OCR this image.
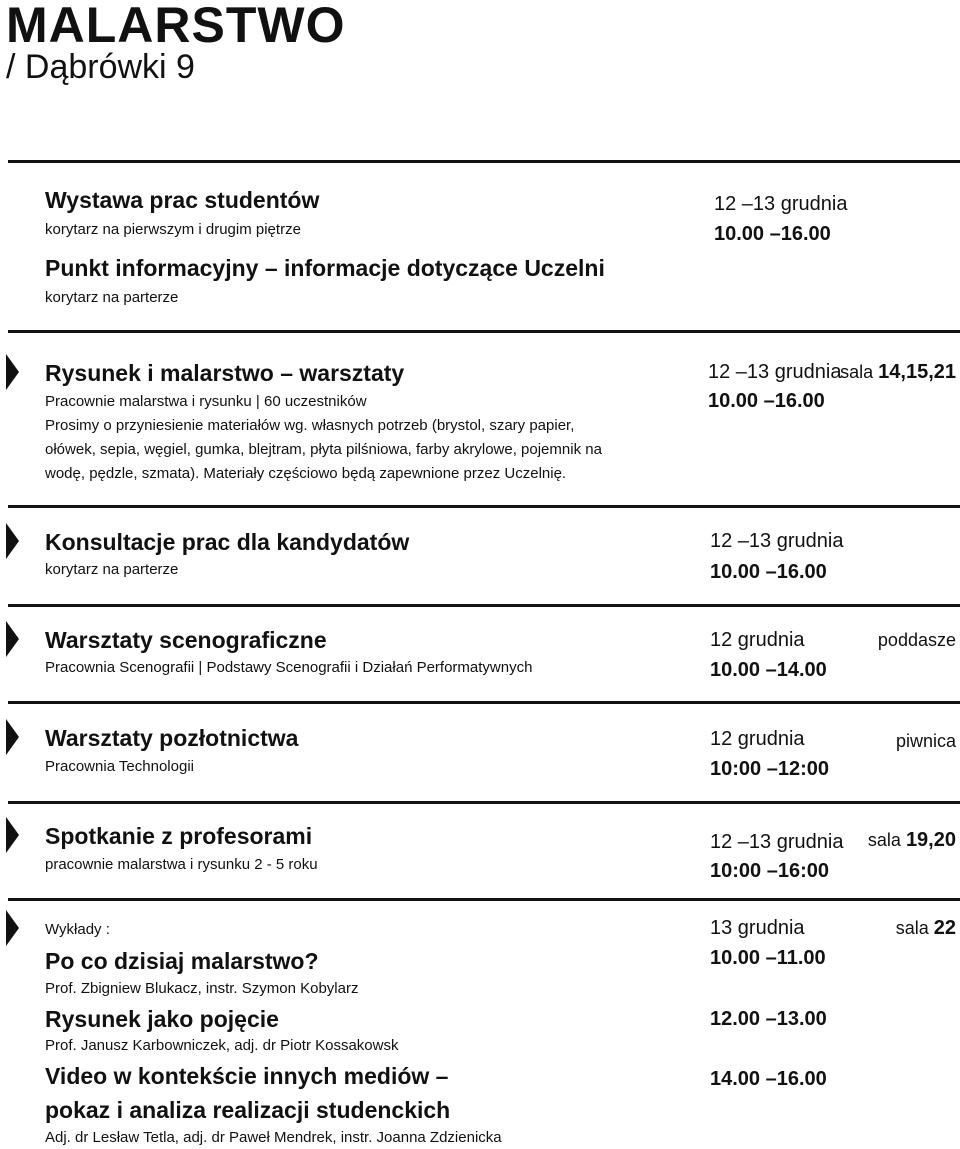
MALARSTWO
/ Dąbrówki 9
Wystawa prac studentów
korytarz na pierwszym i drugim piętrze
Punkt informacyjny – informacje dotyczące Uczelni
korytarz na parterze
12 –13 grudnia
10.00 –16.00
Rysunek i malarstwo – warsztaty
Pracownie malarstwa i rysunku | 60 uczestników
Prosimy o przyniesienie materiałów wg. własnych potrzeb (brystol, szary papier,
ołówek, sepia, węgiel, gumka, blejtram, płyta pilśniowa, farby akrylowe, pojemnik na
wodę, pędzle, szmata). Materiały częściowo będą zapewnione przez Uczelnię.
12 –13 grudnia
10.00 –16.00
sala 14,15,21
Konsultacje prac dla kandydatów
korytarz na parterze
12 –13 grudnia
10.00 –16.00
Warsztaty scenograficzne
Pracownia Scenografii | Podstawy Scenografii i Działań Performatywnych
12 grudnia
10.00 –14.00
poddasze
Warsztaty pozłotnictwa
Pracownia Technologii
12 grudnia
10:00 –12:00
piwnica
Spotkanie z profesorami
pracownie malarstwa i rysunku 2 - 5 roku
12 –13 grudnia
10:00 –16:00
sala 19,20
Wykłady :	13 grudnia	sala 22
Po co dzisiaj malarstwo?
Prof. Zbigniew Blukacz, instr. Szymon Kobylarz
10.00 –11.00
Rysunek jako pojęcie
Prof. Janusz Karbowniczek, adj. dr Piotr Kossakowsk
12.00 –13.00
Video w kontekście innych mediów –
pokaz i analiza realizacji studenckich
Adj. dr Lesław Tetla, adj. dr Paweł Mendrek, instr. Joanna Zdzienicka
14.00 –16.00
